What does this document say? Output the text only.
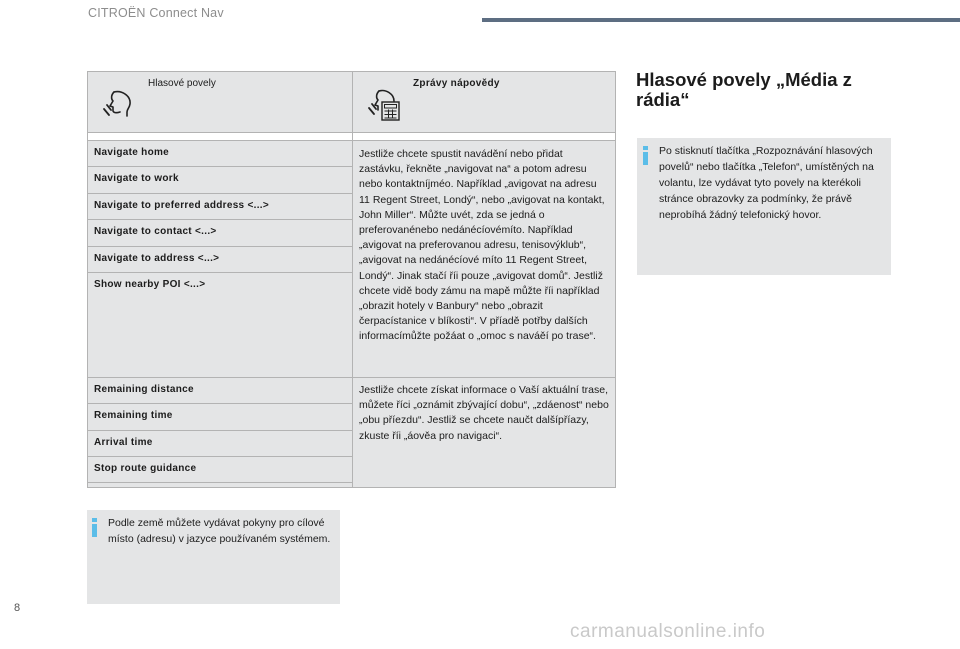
CITROËN Connect Nav
Hlasové povely	Zprávy nápovědy

Navigate home	Jestliže chcete spustit navádění nebo přidat zastávku, řekněte „navigovat na“ a potom adresu nebo kontaktníjméo. Například „avigovat na adresu 11 Regent Street, Londý“, nebo „avigovat na kontakt, John Miller“. Můžte uvét, zda se jedná o preferovanénebo nedánécíovémíto. Například „avigovat na preferovanou adresu, tenisovýklub“, „avigovat na nedánécíové míto 11 Regent Street, Londý“. Jinak stačí říi pouze „avigovat domů“. Jestliž chcete vidě body zámu na mapě můžte říi například „obrazit hotely v Banbury“ nebo „obrazit čerpacístanice v blíkosti“. V příadě potřby dalších informacímůžte požáat o „omoc s naváěí po trase“.
Navigate to work	
Navigate to preferred address <...>	
Navigate to contact <...>	
Navigate to address <...>	
Show nearby POI <...>	
Remaining distance	Jestliže chcete získat informace o Vaší aktuální trase, můžete říci „oznámit zbývající dobu“, „zdáenost“ nebo „obu příezdu“. Jestliž se chcete naučt dalšípříazy, zkuste říi „áověa pro navigaci“.
Remaining time	
Arrival time	
Stop route guidance	

Podle země můžete vydávat pokyny pro cílové místo (adresu) v jazyce používaném systémem.
Hlasové povely „Média z rádia“
Po stisknutí tlačítka „Rozpoznávání hlasových povelů“ nebo tlačítka „Telefon“, umístěných na volantu, lze vydávat tyto povely na kterékoli stránce obrazovky za podmínky, že právě neprobíhá žádný telefonický hovor.
8
carmanualsonline.info
